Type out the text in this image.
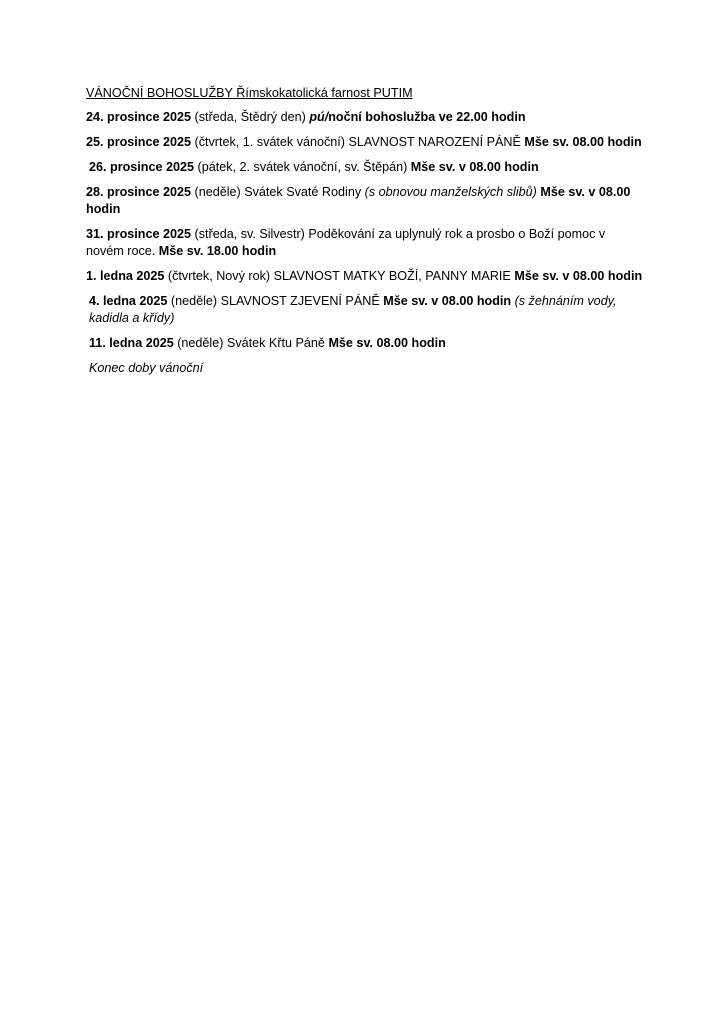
VÁNOČNÍ BOHOSLUŽBY Římskokatolická farnost PUTIM
24. prosince 2025 (středa, Štědrý den) pú/noční bohoslužba ve 22.00 hodin
25. prosince 2025 (čtvrtek, 1. svátek vánoční) SLAVNOST NAROZENÍ PÁNĚ Mše sv. 08.00 hodin
26. prosince 2025 (pátek, 2. svátek vánoční, sv. Štěpán) Mše sv. v 08.00 hodin
28. prosince 2025 (neděle) Svátek Svaté Rodiny (s obnovou manželských slibů) Mše sv. v 08.00 hodin
31. prosince 2025 (středa, sv. Silvestr) Poděkování za uplynulý rok a prosbo o Boží pomoc v novém roce. Mše sv. 18.00 hodin
1. ledna 2025 (čtvrtek, Nový rok) SLAVNOST MATKY BOŽÍ, PANNY MARIE Mše sv. v 08.00 hodin
4. ledna 2025 (neděle) SLAVNOST ZJEVENÍ PÁNĚ Mše sv. v 08.00 hodin (s žehnáním vody, kadidla a křídy)
11. ledna 2025 (neděle) Svátek Křtu Páně Mše sv. 08.00 hodin
Konec doby vánoční
